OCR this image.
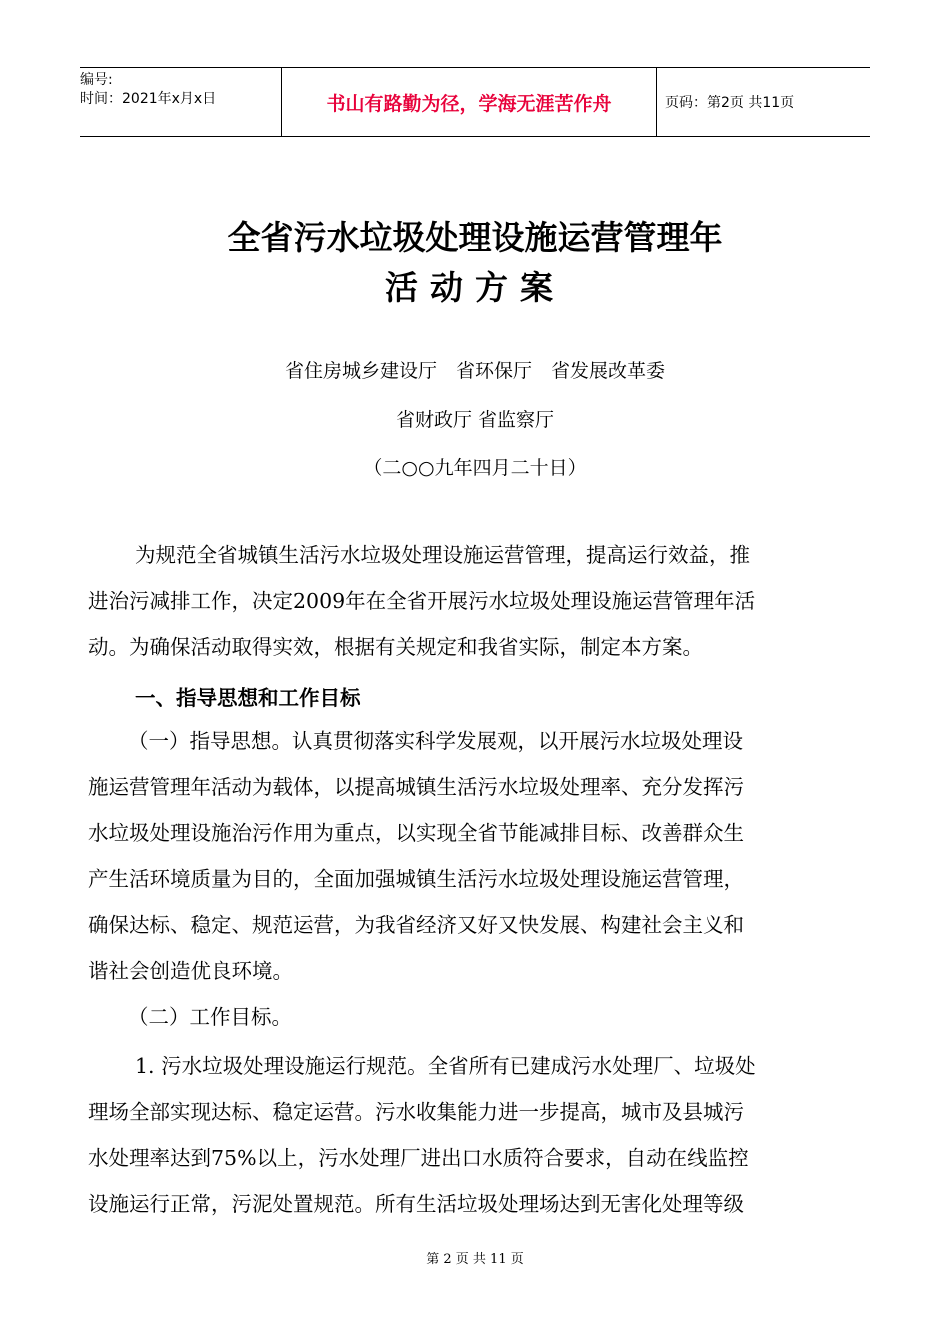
编号:
时间：2021年x月x日	书山有路勤为径，学海无涯苦作舟	页码：第2页 共11页
全省污水垃圾处理设施运营管理年
活动方案
省住房城乡建设厅　省环保厅　省发展改革委
省财政厅 省监察厅
（二○○九年四月二十日）
为规范全省城镇生活污水垃圾处理设施运营管理，提高运行效益，推
进治污减排工作，决定2009年在全省开展污水垃圾处理设施运营管理年活
动。为确保活动取得实效，根据有关规定和我省实际，制定本方案。
一、指导思想和工作目标
（一）指导思想。认真贯彻落实科学发展观，以开展污水垃圾处理设
施运营管理年活动为载体，以提高城镇生活污水垃圾处理率、充分发挥污
水垃圾处理设施治污作用为重点，以实现全省节能减排目标、改善群众生
产生活环境质量为目的，全面加强城镇生活污水垃圾处理设施运营管理，
确保达标、稳定、规范运营，为我省经济又好又快发展、构建社会主义和
谐社会创造优良环境。
（二）工作目标。
1. 污水垃圾处理设施运行规范。全省所有已建成污水处理厂、垃圾处
理场全部实现达标、稳定运营。污水收集能力进一步提高，城市及县城污
水处理率达到75%以上，污水处理厂进出口水质符合要求，自动在线监控
设施运行正常，污泥处置规范。所有生活垃圾处理场达到无害化处理等级
第 2 页 共 11 页
